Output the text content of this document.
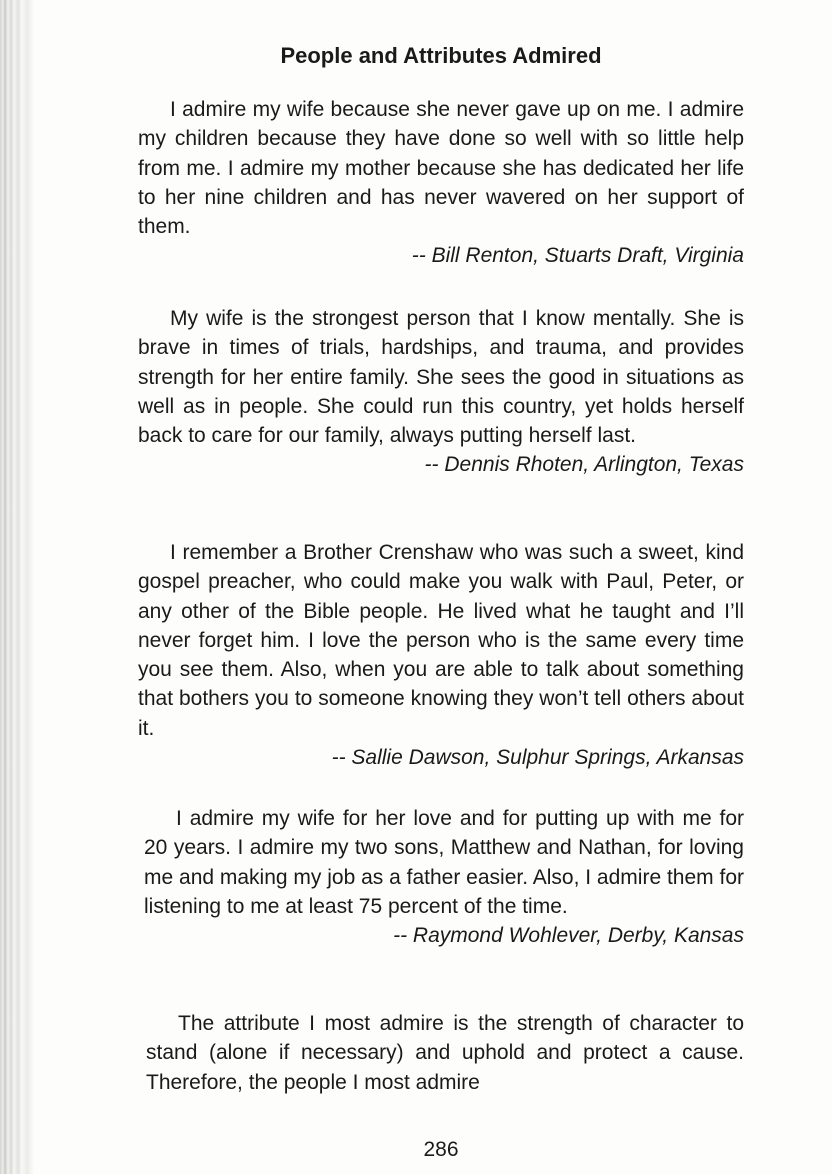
People and Attributes Admired

I admire my wife because she never gave up on me. I admire my children because they have done so well with so little help from me. I admire my mother because she has dedicated her life to her nine children and has never wavered on her support of them.

-- Bill Renton, Stuarts Draft, Virginia

My wife is the strongest person that I know mentally. She is brave in times of trials, hardships, and trauma, and provides strength for her entire family. She sees the good in situations as well as in people. She could run this country, yet holds herself back to care for our family, always putting herself last.

-- Dennis Rhoten, Arlington, Texas

I remember a Brother Crenshaw who was such a sweet, kind gospel preacher, who could make you walk with Paul, Peter, or any other of the Bible people. He lived what he taught and I’ll never forget him. I love the person who is the same every time you see them. Also, when you are able to talk about something that bothers you to someone knowing they won’t tell others about it.

-- Sallie Dawson, Sulphur Springs, Arkansas

I admire my wife for her love and for putting up with me for 20 years. I admire my two sons, Matthew and Nathan, for loving me and making my job as a father easier. Also, I admire them for listening to me at least 75 percent of the time.

-- Raymond Wohlever, Derby, Kansas

The attribute I most admire is the strength of character to stand (alone if necessary) and uphold and protect a cause. Therefore, the people I most admire

286
